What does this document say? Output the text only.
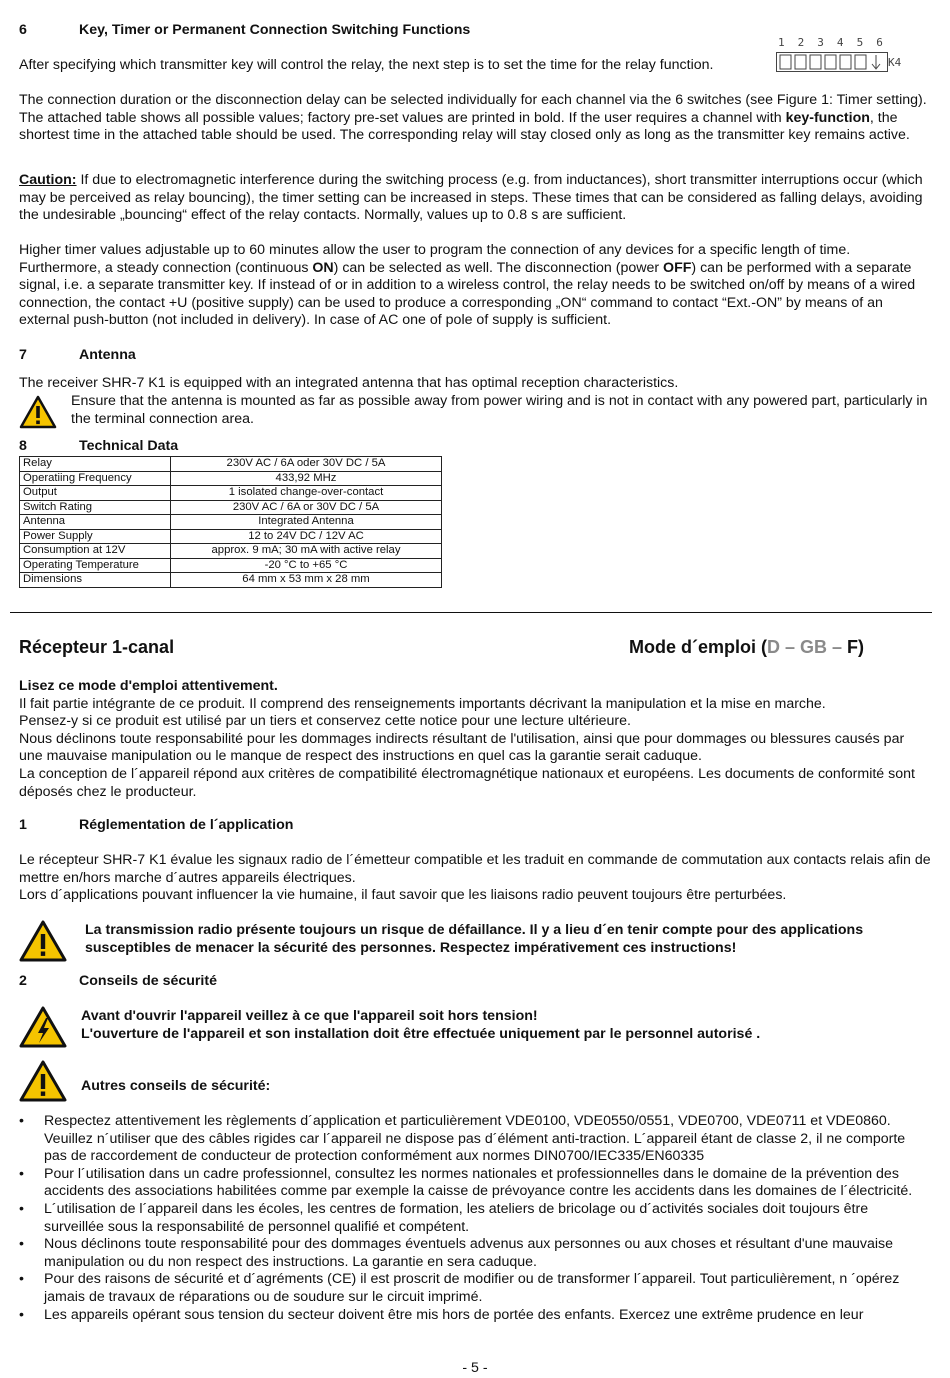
6	Key, Timer or Permanent Connection Switching Functions
1 2 3 4 5 6
K4

After specifying which transmitter key will control the relay, the next step is to set the time for the relay function.

The connection duration or the disconnection delay can be selected individually for each channel via the 6 switches (see Figure 1: Timer setting). The attached table shows all possible values; factory pre-set values are printed in bold. If the user requires a channel with key-function, the shortest time in the attached table should be used. The corresponding relay will stay closed only as long as the transmitter key remains active.

Caution: If due to electromagnetic interference during the switching process (e.g. from inductances), short transmitter interruptions occur (which may be perceived as relay bouncing), the timer setting can be increased in steps. These times that can be considered as falling delays, avoiding the undesirable „bouncing“ effect of the relay contacts. Normally, values up to 0.8 s are sufficient.

Higher timer values adjustable up to 60 minutes allow the user to program the connection of any devices for a specific length of time. Furthermore, a steady connection (continuous ON) can be selected as well. The disconnection (power OFF) can be performed with a separate signal, i.e. a separate transmitter key. If instead of or in addition to a wireless control, the relay needs to be switched on/off by means of a wired connection, the contact +U (positive supply) can be used to produce a corresponding „ON“ command to contact “Ext.-ON” by means of an external push-button (not included in delivery). In case of AC one of pole of supply is sufficient.

7	Antenna

The receiver SHR-7 K1 is equipped with an integrated antenna that has optimal reception characteristics.

Ensure that the antenna is mounted as far as possible away from power wiring and is not in contact with any powered part, particularly in the terminal connection area.

8	Technical Data
Relay	230V AC / 6A oder 30V DC / 5A
Operatiing Frequency	433,92 MHz
Output	1 isolated change-over-contact
Switch Rating	230V AC / 6A or 30V DC / 5A
Antenna	Integrated Antenna
Power Supply	12 to 24V DC / 12V AC
Consumption at 12V	approx. 9 mA; 30 mA with active relay
Operating Temperature	-20 °C to +65 °C
Dimensions	64 mm x 53 mm x 28 mm
Récepteur 1-canal	Mode d´emploi (D – GB – F)

Lisez ce mode d'emploi attentivement.

Il fait partie intégrante de ce produit. Il comprend des renseignements importants décrivant la manipulation et la mise en marche.

Pensez-y si ce produit est utilisé par un tiers et conservez cette notice pour une lecture ultérieure.

Nous déclinons toute responsabilité pour les dommages indirects résultant de l'utilisation, ainsi que pour dommages ou blessures causés par une mauvaise manipulation ou le manque de respect des instructions en quel cas la garantie serait caduque.

La conception de l´appareil répond aux critères de compatibilité électromagnétique nationaux et européens. Les documents de conformité sont déposés chez le producteur.

1	Réglementation de l´application

Le récepteur SHR-7 K1 évalue les signaux radio de l´émetteur compatible et les traduit en commande de commutation aux contacts relais afin de mettre en/hors marche d´autres appareils électriques.

Lors d´applications pouvant influencer la vie humaine, il faut savoir que les liaisons radio peuvent toujours être perturbées.

La transmission radio présente toujours un risque de défaillance. Il y a lieu d´en tenir compte pour des applications susceptibles de menacer la sécurité des personnes. Respectez impérativement ces instructions!
2	Conseils de sécurité

Avant d'ouvrir l'appareil veillez à ce que l'appareil soit hors tension!

L'ouverture de l'appareil et son installation doit être effectuée uniquement par le personnel autorisé .

Autres conseils de sécurité:
• Respectez attentivement les règlements d´application et particulièrement VDE0100, VDE0550/0551, VDE0700, VDE0711 et VDE0860. Veuillez n´utiliser que des câbles rigides car l´appareil ne dispose pas d´élément anti-traction. L´appareil étant de classe 2, il ne comporte pas de raccordement de conducteur de protection conformément aux normes DIN0700/IEC335/EN60335
• Pour l´utilisation dans un cadre professionnel, consultez les normes nationales et professionnelles dans le domaine de la prévention des accidents des associations habilitées comme par exemple la caisse de prévoyance contre les accidents dans les domaines de l´électricité.
• L´utilisation de l´appareil dans les écoles, les centres de formation, les ateliers de bricolage ou d´activités sociales doit toujours être surveillée sous la responsabilité de personnel qualifié et compétent.
• Nous déclinons toute responsabilité pour des dommages éventuels advenus aux personnes ou aux choses et résultant d'une mauvaise manipulation ou du non respect des instructions. La garantie en sera caduque.
• Pour des raisons de sécurité et d´agréments (CE) il est proscrit de modifier ou de transformer l´appareil. Tout particulièrement, n ´opérez jamais de travaux de réparations ou de soudure sur le circuit imprimé.
• Les appareils opérant sous tension du secteur doivent être mis hors de portée des enfants. Exercez une extrême prudence en leur
- 5 -
